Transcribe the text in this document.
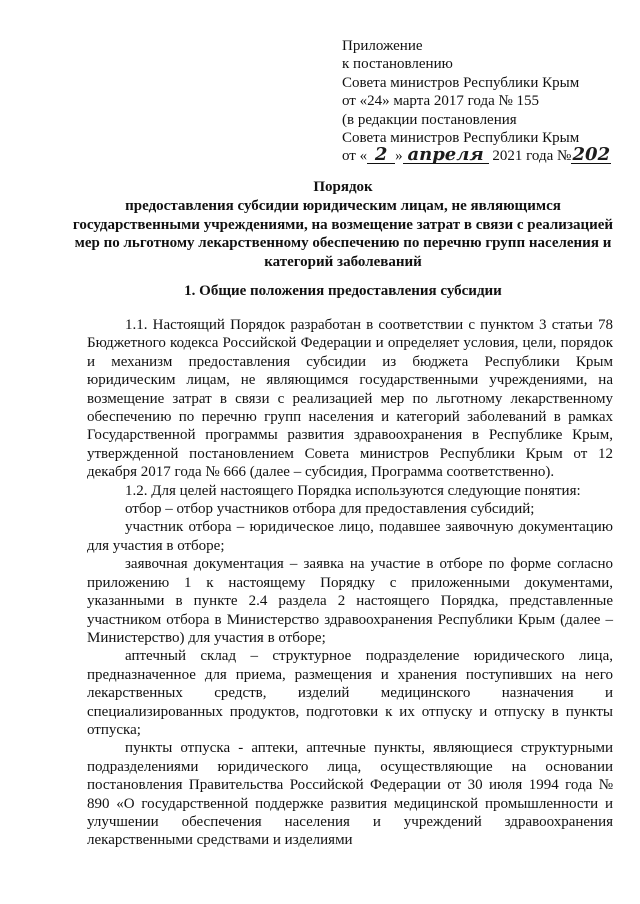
Приложение
к постановлению
Совета министров Республики Крым
от «24» марта 2017 года № 155
(в редакции постановления
Совета министров Республики Крым
от « 2 » апреля 2021 года №202
Порядок
предоставления субсидии юридическим лицам, не являющимся государственными учреждениями, на возмещение затрат в связи с реализацией мер по льготному лекарственному обеспечению по перечню групп населения и категорий заболеваний
1. Общие положения предоставления субсидии

1.1. Настоящий Порядок разработан в соответствии с пунктом 3 статьи 78 Бюджетного кодекса Российской Федерации и определяет условия, цели, порядок и механизм предоставления субсидии из бюджета Республики Крым юридическим лицам, не являющимся государственными учреждениями, на возмещение затрат в связи с реализацией мер по льготному лекарственному обеспечению по перечню групп населения и категорий заболеваний в рамках Государственной программы развития здравоохранения в Республике Крым, утвержденной постановлением Совета министров Республики Крым от 12 декабря 2017 года № 666 (далее – субсидия, Программа соответственно).

1.2. Для целей настоящего Порядка используются следующие понятия:

отбор – отбор участников отбора для предоставления субсидий;

участник отбора – юридическое лицо, подавшее заявочную документацию для участия в отборе;

заявочная документация – заявка на участие в отборе по форме согласно приложению 1 к настоящему Порядку с приложенными документами, указанными в пункте 2.4 раздела 2 настоящего Порядка, представленные участником отбора в Министерство здравоохранения Республики Крым (далее – Министерство) для участия в отборе;

аптечный склад – структурное подразделение юридического лица, предназначенное для приема, размещения и хранения поступивших на него лекарственных средств, изделий медицинского назначения и специализированных продуктов, подготовки к их отпуску и отпуску в пункты отпуска;

пункты отпуска - аптеки, аптечные пункты, являющиеся структурными подразделениями юридического лица, осуществляющие на основании постановления Правительства Российской Федерации от 30 июля 1994 года № 890 «О государственной поддержке развития медицинской промышленности и улучшении обеспечения населения и учреждений здравоохранения лекарственными средствами и изделиями
